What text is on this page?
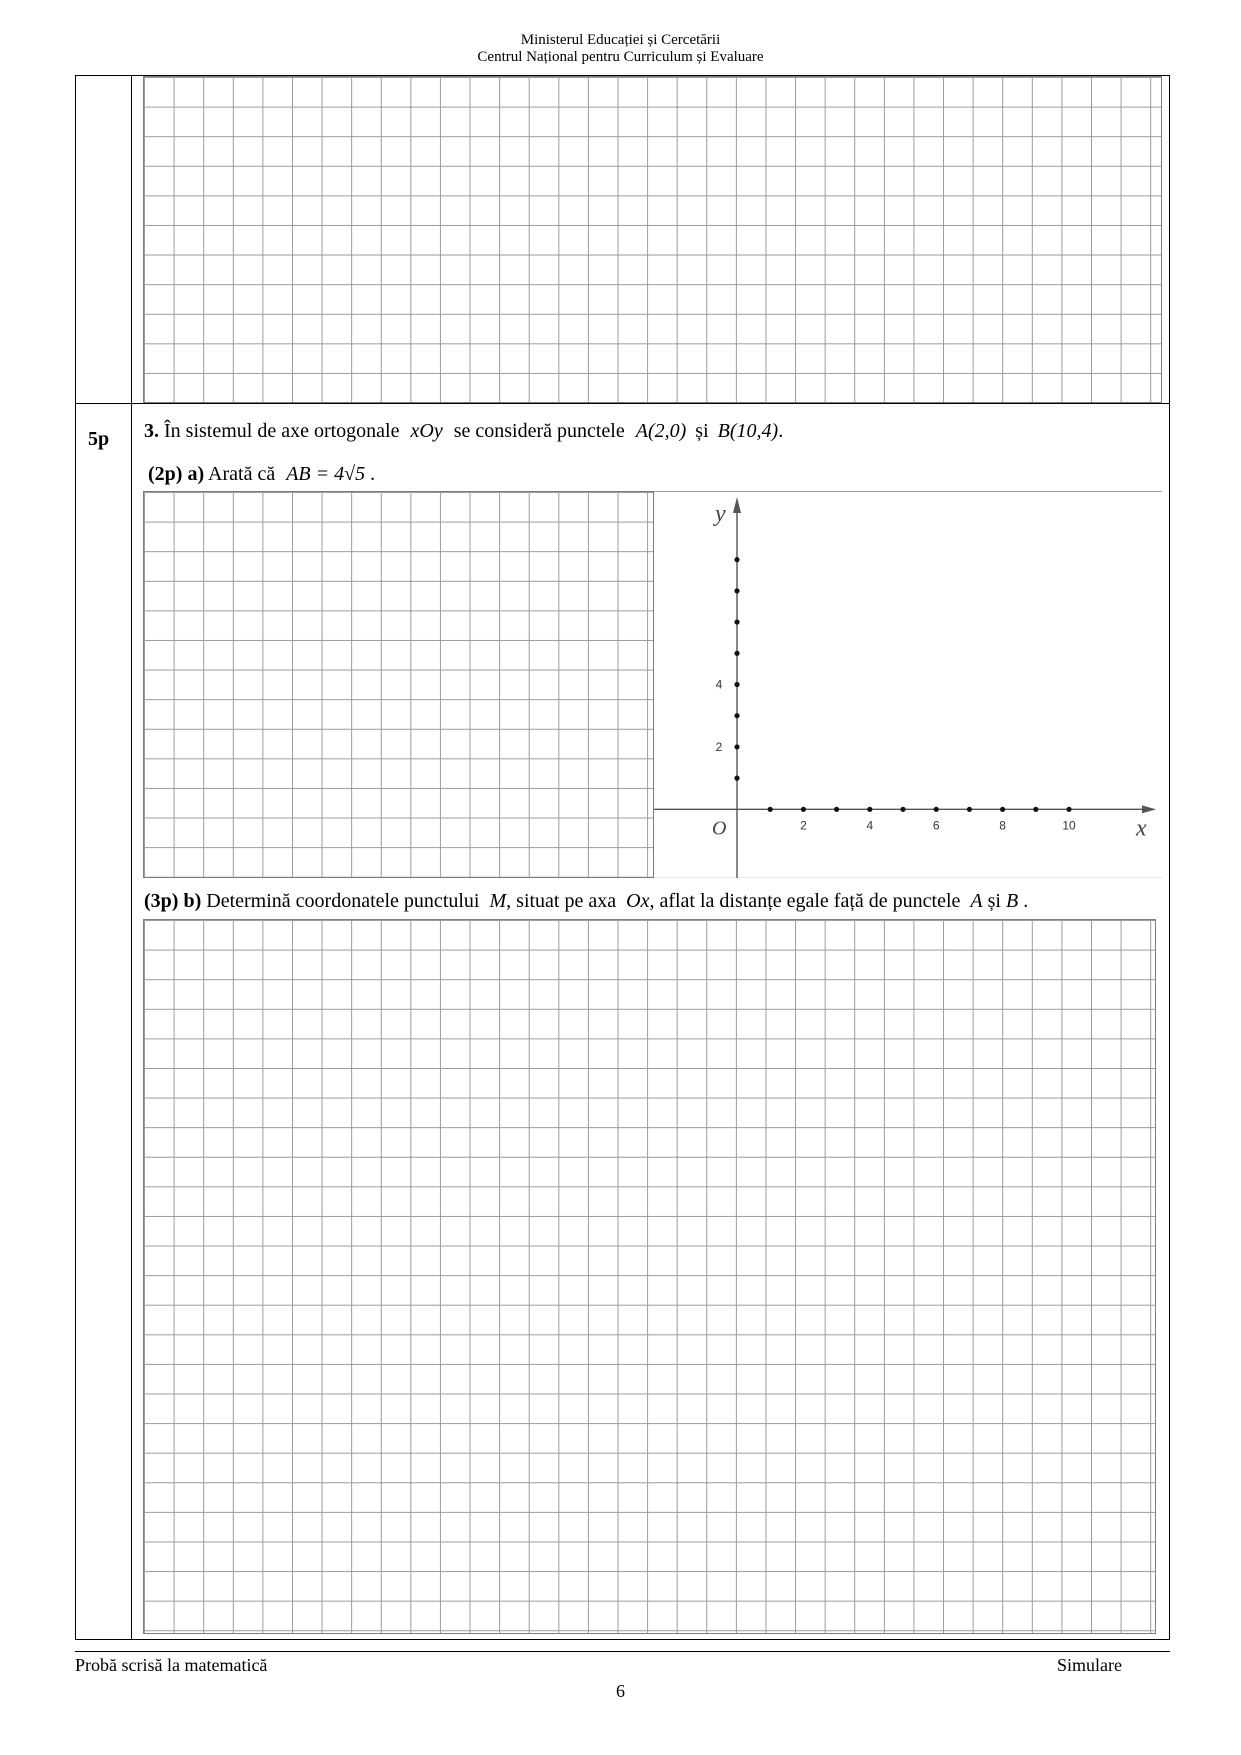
Ministerul Educației și Cercetării
Centrul Național pentru Curriculum și Evaluare
5p 3. În sistemul de axe ortogonale xOy se consideră punctele A(2,0) și B(10,4).
(2p) a) Arată că AB = 4√5 .
x
y
O	2	4	6	8	10
2
4
(3p) b) Determină coordonatele punctului M, situat pe axa Ox, aflat la distanțe egale față de punctele A și B .
Probă scrisă la matematică	Simulare
6
